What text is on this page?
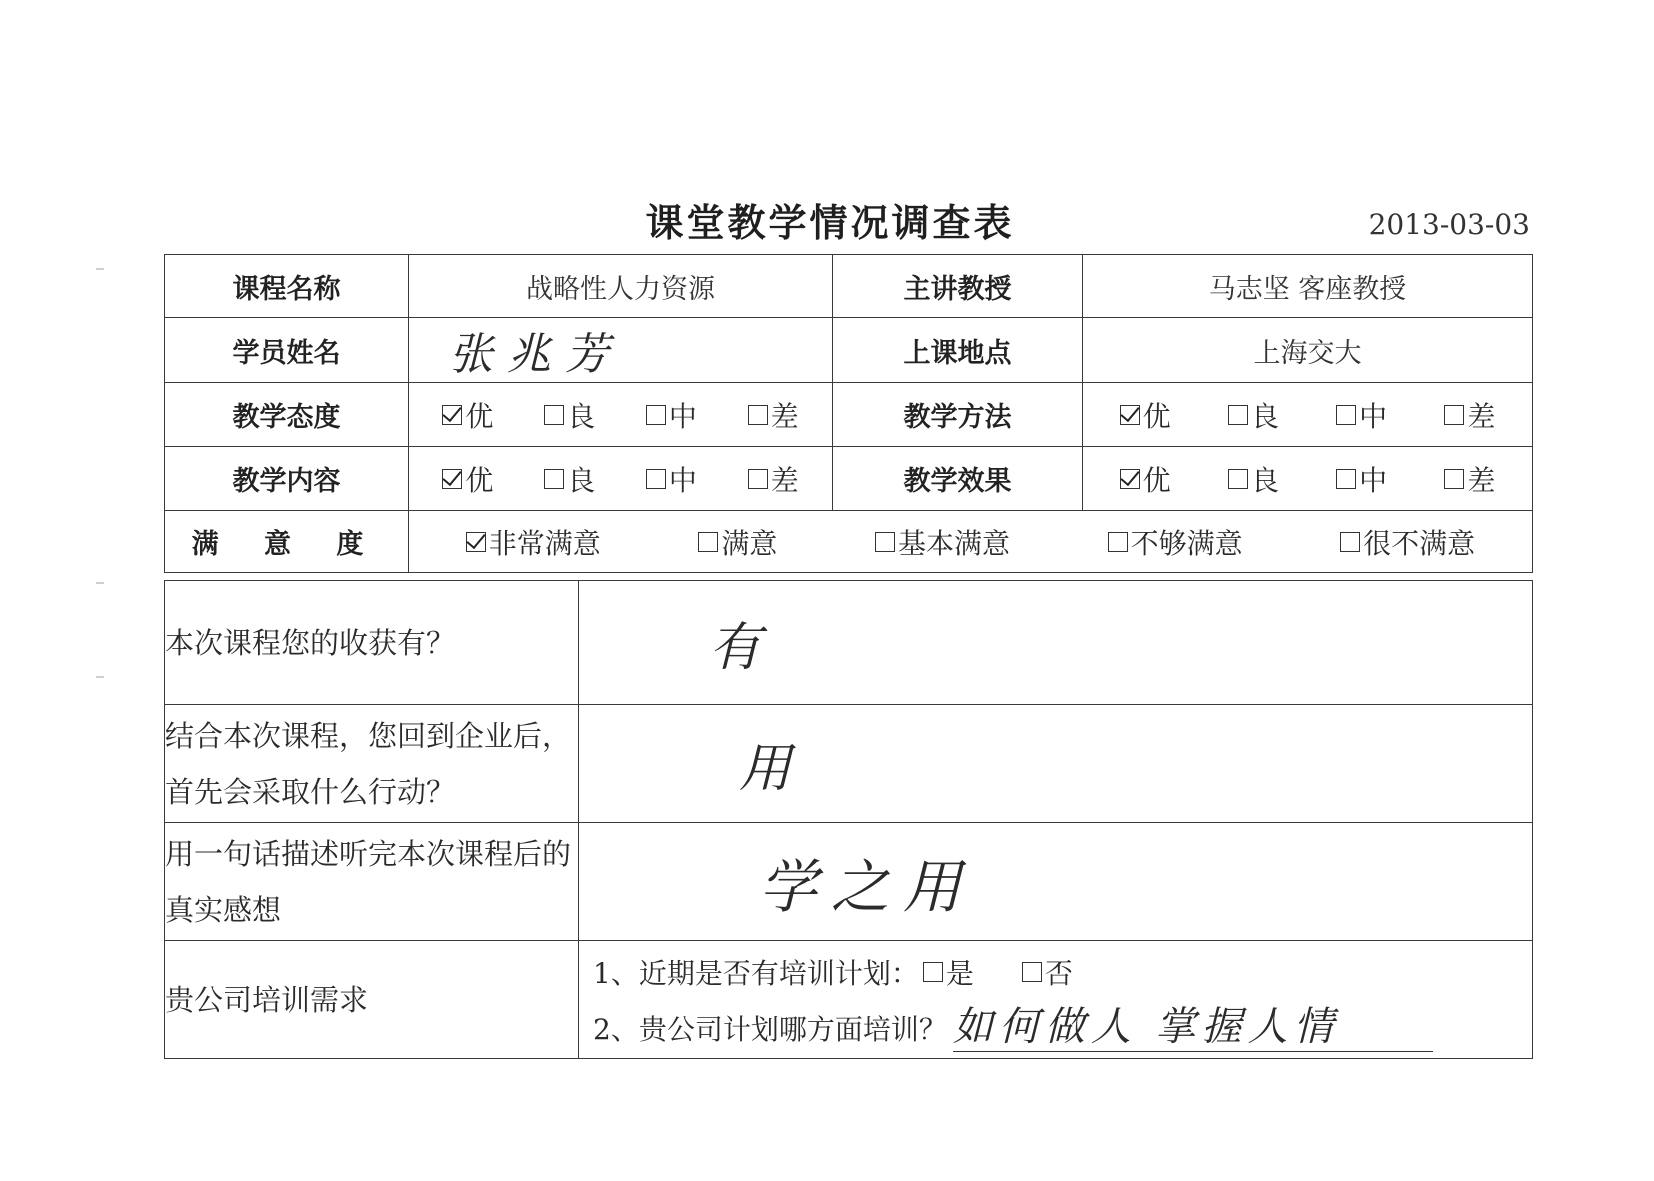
课堂教学情况调查表	2013-03-03
课程名称	战略性人力资源	主讲教授	马志坚 客座教授
学员姓名	张兆芳	上课地点	上海交大
教学态度	优 良 中 差	教学方法	优 良 中 差

教学内容	优 良 中 差	教学效果	优 良 中 差

满 意 度	非常满意 满意 基本满意 不够满意 很不满意		
本次课程您的收获有？	有
结合本次课程，您回到企业后，首先会采取什么行动？	用
用一句话描述听完本次课程后的真实感想	学之用
贵公司培训需求	1、近期是否有培训计划： 是 否
2、贵公司计划哪方面培训？ 如何做人 掌握人情
